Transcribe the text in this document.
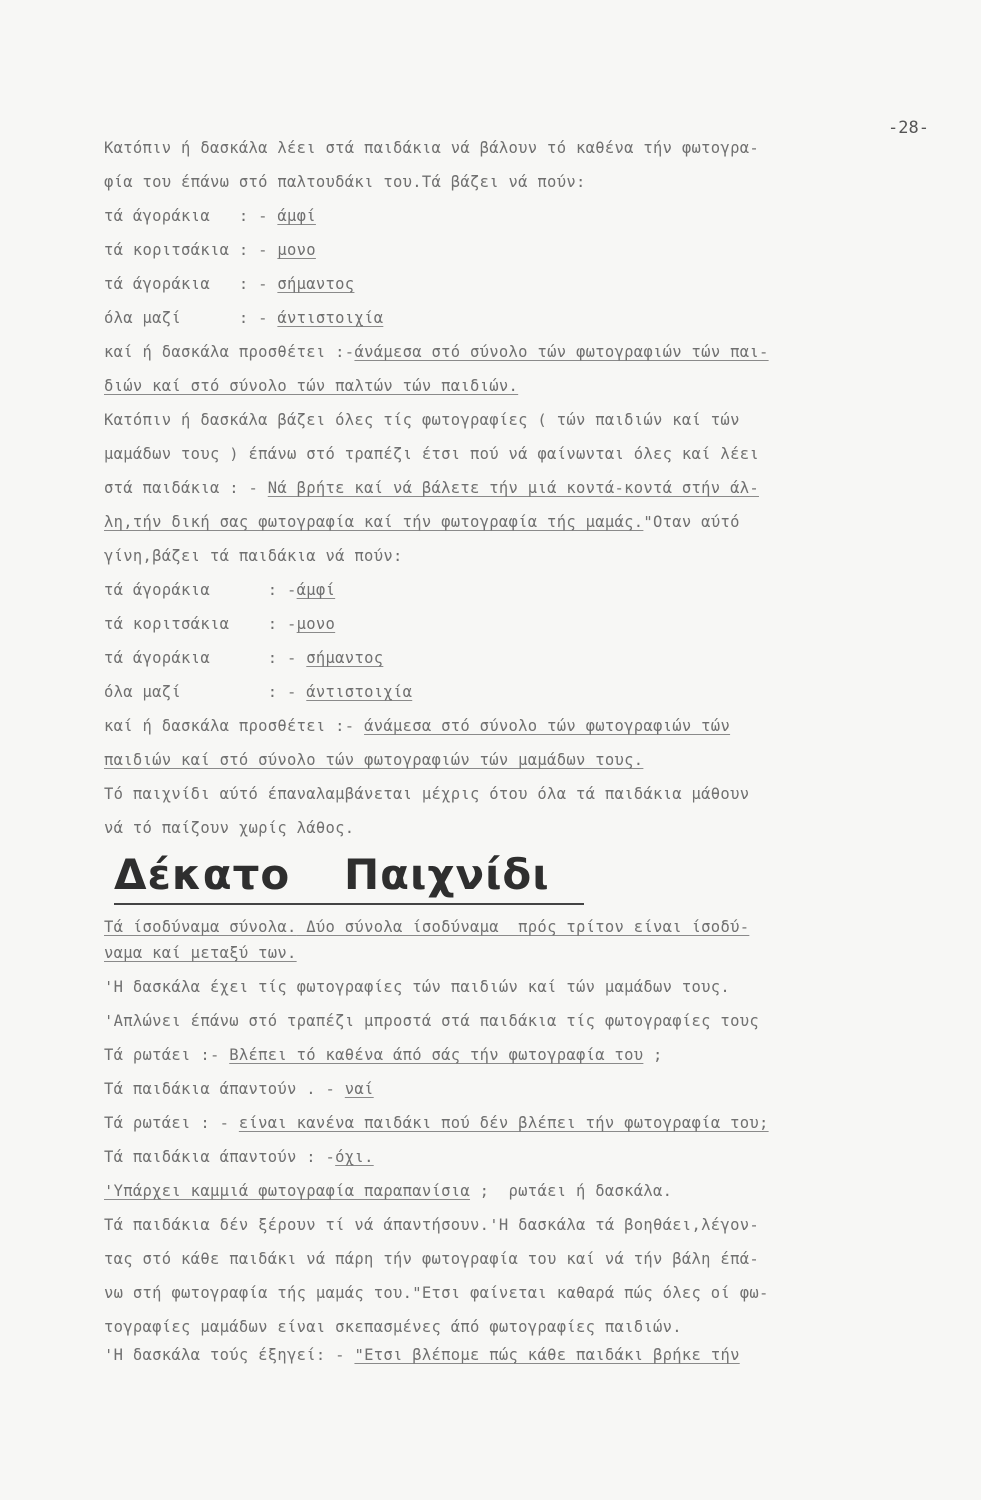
-28-
Κατόπιν ή δασκάλα λέει στά παιδάκια νά βάλουν τό καθένα τήν φωτογρα-
φία του έπάνω στό παλτουδάκι του.Τά βάζει νά πούν:
τά άγοράκια   : - άμφί
τά κοριτσάκια : - μονο
τά άγοράκια   : - σήμαντος
όλα μαζί      : - άντιστοιχία
καί ή δασκάλα προσθέτει :-άνάμεσα στό σύνολο τών φωτογραφιών τών παι-
διών καί στό σύνολο τών παλτών τών παιδιών.
Κατόπιν ή δασκάλα βάζει όλες τίς φωτογραφίες ( τών παιδιών καί τών
μαμάδων τους ) έπάνω στό τραπέζι έτσι πού νά φαίνωνται όλες καί λέει
στά παιδάκια : - Νά βρήτε καί νά βάλετε τήν μιά κοντά-κοντά στήν άλ-
λη,τήν δική σας φωτογραφία καί τήν φωτογραφία τής μαμάς."Οταν αύτό
γίνη,βάζει τά παιδάκια νά πούν:
τά άγοράκια      : -άμφί
τά κοριτσάκια    : -μονο
τά άγοράκια      : - σήμαντος
όλα μαζί         : - άντιστοιχία
καί ή δασκάλα προσθέτει :- άνάμεσα στό σύνολο τών φωτογραφιών τών
παιδιών καί στό σύνολο τών φωτογραφιών τών μαμάδων τους.
Τό παιχνίδι αύτό έπαναλαμβάνεται μέχρις ότου όλα τά παιδάκια μάθουν
νά τό παίζουν χωρίς λάθος.
Δέκατο Παιχνίδι
Τά ίσοδύναμα σύνολα. Δύο σύνολα ίσοδύναμα  πρός τρίτον είναι ίσοδύ-
ναμα καί μεταξύ των.
'Η δασκάλα έχει τίς φωτογραφίες τών παιδιών καί τών μαμάδων τους.
'Απλώνει έπάνω στό τραπέζι μπροστά στά παιδάκια τίς φωτογραφίες τους
Τά ρωτάει :- Βλέπει τό καθένα άπό σάς τήν φωτογραφία του ;
Τά παιδάκια άπαντούν . - ναί
Τά ρωτάει : - είναι κανένα παιδάκι πού δέν βλέπει τήν φωτογραφία του;
Τά παιδάκια άπαντούν : -όχι.
'Υπάρχει καμμιά φωτογραφία παραπανίσια ;  ρωτάει ή δασκάλα.
Τά παιδάκια δέν ξέρουν τί νά άπαντήσουν.'Η δασκάλα τά βοηθάει,λέγον-
τας στό κάθε παιδάκι νά πάρη τήν φωτογραφία του καί νά τήν βάλη έπά-
νω στή φωτογραφία τής μαμάς του."Ετσι φαίνεται καθαρά πώς όλες οί φω-
τογραφίες μαμάδων είναι σκεπασμένες άπό φωτογραφίες παιδιών.
'Η δασκάλα τούς έξηγεί: - "Ετσι βλέπομε πώς κάθε παιδάκι βρήκε τήν
